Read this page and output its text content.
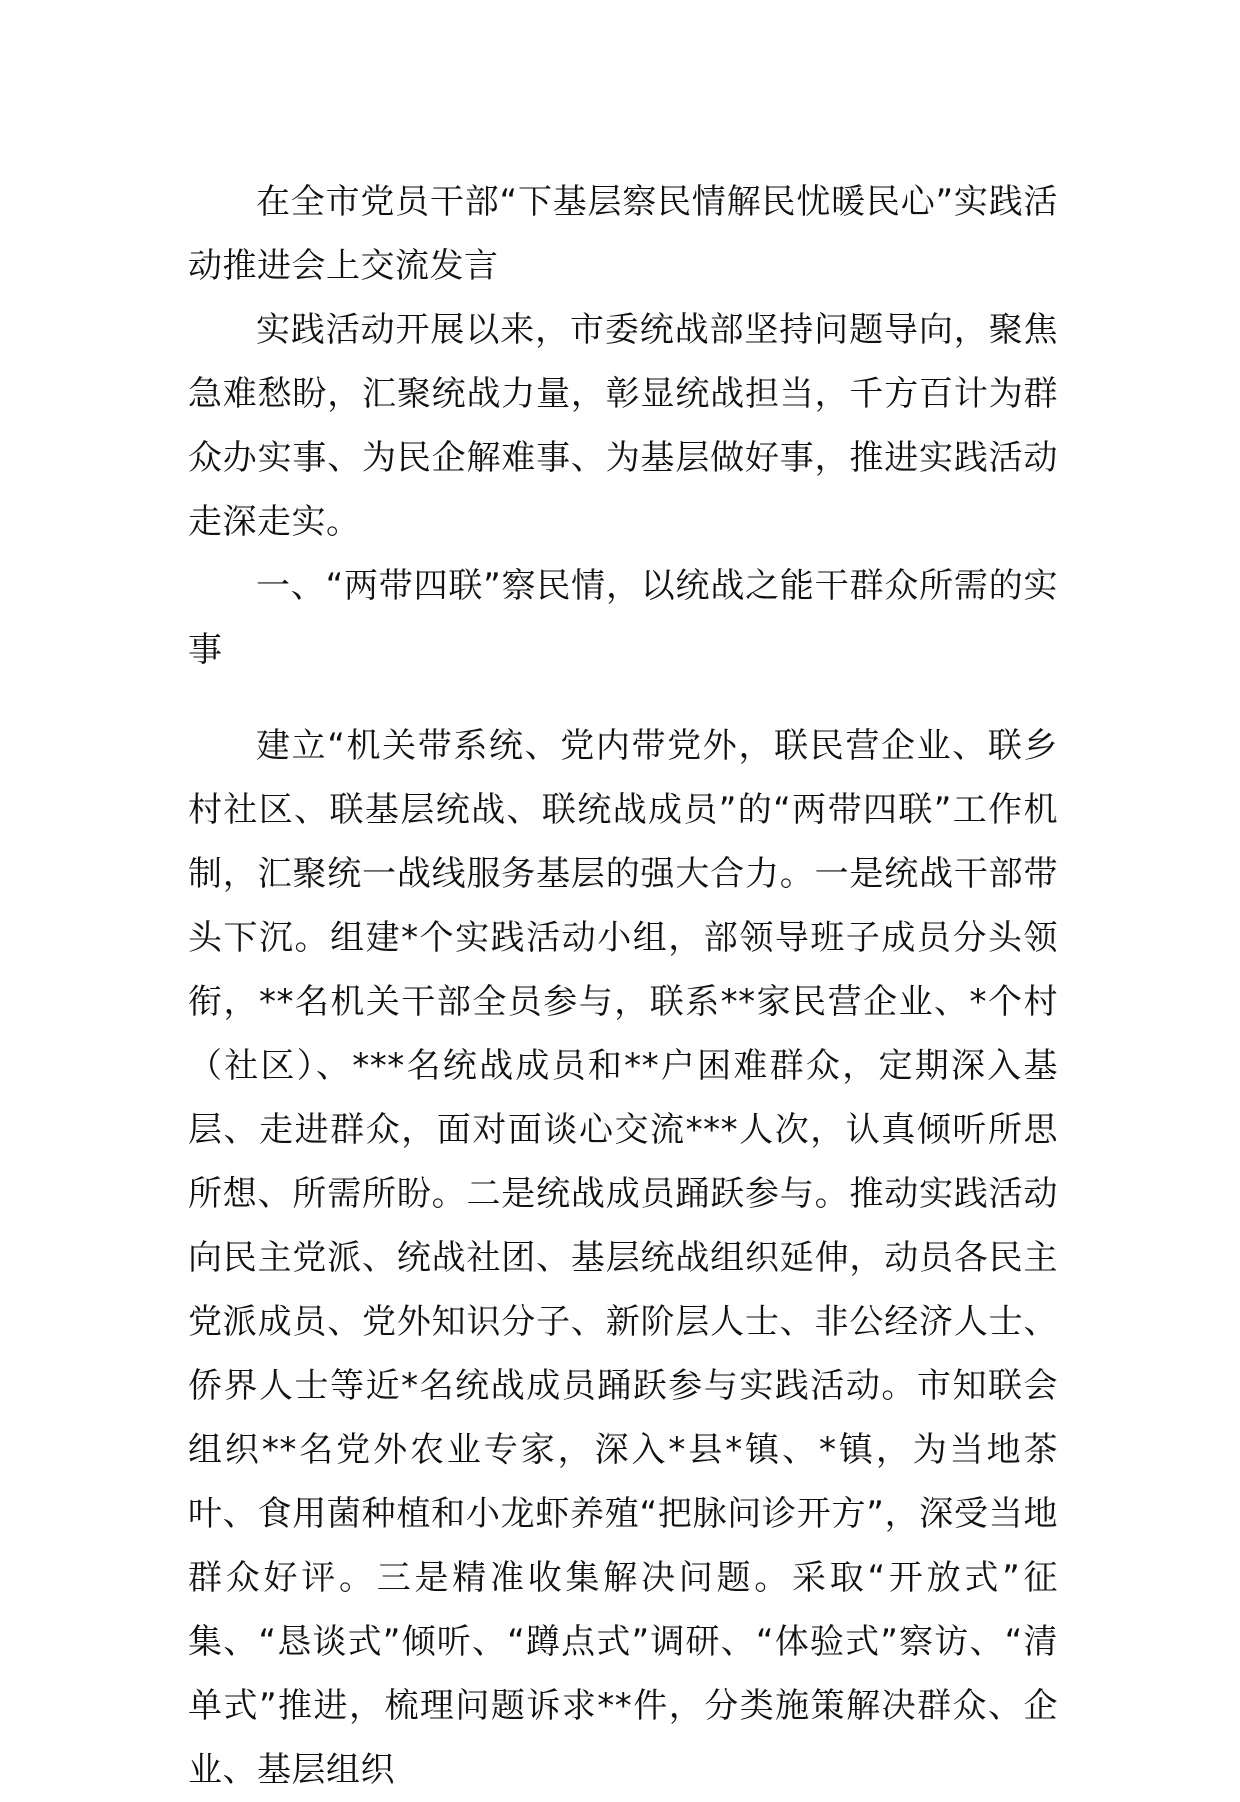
在全市党员干部“下基层察民情解民忧暖民心”实践活动推进会上交流发言

实践活动开展以来，市委统战部坚持问题导向，聚焦急难愁盼，汇聚统战力量，彰显统战担当，千方百计为群众办实事、为民企解难事、为基层做好事，推进实践活动走深走实。

一、“两带四联”察民情，以统战之能干群众所需的实事

建立“机关带系统、党内带党外，联民营企业、联乡村社区、联基层统战、联统战成员”的“两带四联”工作机制，汇聚统一战线服务基层的强大合力。一是统战干部带头下沉。组建*个实践活动小组，部领导班子成员分头领衔，**名机关干部全员参与，联系**家民营企业、*个村（社区）、***名统战成员和**户困难群众，定期深入基层、走进群众，面对面谈心交流***人次，认真倾听所思所想、所需所盼。二是统战成员踊跃参与。推动实践活动向民主党派、统战社团、基层统战组织延伸，动员各民主党派成员、党外知识分子、新阶层人士、非公经济人士、侨界人士等近*名统战成员踊跃参与实践活动。市知联会组织**名党外农业专家，深入*县*镇、*镇，为当地茶叶、食用菌种植和小龙虾养殖“把脉问诊开方”，深受当地群众好评。三是精准收集解决问题。采取“开放式”征集、“恳谈式”倾听、“蹲点式”调研、“体验式”察访、“清单式”推进，梳理问题诉求**件，分类施策解决群众、企业、基层组织
